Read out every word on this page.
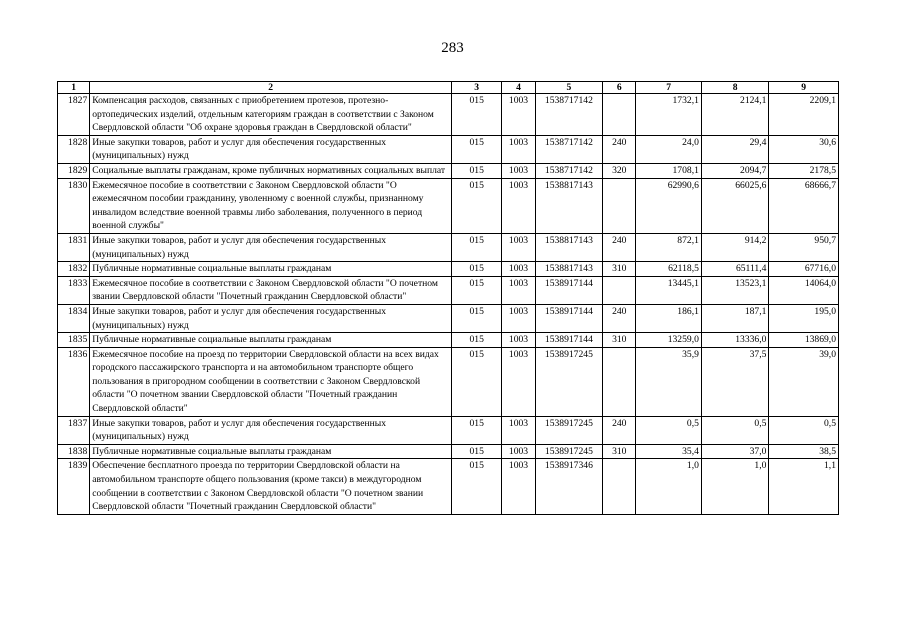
283
1	2	3	4	5	6	7	8	9
1827	Компенсация расходов, связанных с приобретением протезов, протезно-ортопедических изделий, отдельным категориям граждан в соответствии с Законом Свердловской области "Об охране здоровья граждан в Свердловской области"	015	1003	1538717142		1732,1	2124,1	2209,1
1828	Иные закупки товаров, работ и услуг для обеспечения государственных (муниципальных) нужд	015	1003	1538717142	240	24,0	29,4	30,6
1829	Социальные выплаты гражданам, кроме публичных нормативных социальных выплат	015	1003	1538717142	320	1708,1	2094,7	2178,5
1830	Ежемесячное пособие в соответствии с Законом Свердловской области "О ежемесячном пособии гражданину, уволенному с военной службы, признанному инвалидом вследствие военной травмы либо заболевания, полученного в период военной службы"	015	1003	1538817143		62990,6	66025,6	68666,7
1831	Иные закупки товаров, работ и услуг для обеспечения государственных (муниципальных) нужд	015	1003	1538817143	240	872,1	914,2	950,7
1832	Публичные нормативные социальные выплаты гражданам	015	1003	1538817143	310	62118,5	65111,4	67716,0
1833	Ежемесячное пособие в соответствии с Законом Свердловской области "О почетном звании Свердловской области "Почетный гражданин Свердловской области"	015	1003	1538917144		13445,1	13523,1	14064,0
1834	Иные закупки товаров, работ и услуг для обеспечения государственных (муниципальных) нужд	015	1003	1538917144	240	186,1	187,1	195,0
1835	Публичные нормативные социальные выплаты гражданам	015	1003	1538917144	310	13259,0	13336,0	13869,0
1836	Ежемесячное пособие на проезд по территории Свердловской области на всех видах городского пассажирского транспорта и на автомобильном транспорте общего пользования в пригородном сообщении в соответствии с Законом Свердловской области "О почетном звании Свердловской области "Почетный гражданин Свердловской области"	015	1003	1538917245		35,9	37,5	39,0
1837	Иные закупки товаров, работ и услуг для обеспечения государственных (муниципальных) нужд	015	1003	1538917245	240	0,5	0,5	0,5
1838	Публичные нормативные социальные выплаты гражданам	015	1003	1538917245	310	35,4	37,0	38,5
1839	Обеспечение бесплатного проезда по территории Свердловской области на автомобильном транспорте общего пользования (кроме такси) в междугородном сообщении в соответствии с Законом Свердловской области "О почетном звании Свердловской области "Почетный гражданин Свердловской области"	015	1003	1538917346		1,0	1,0	1,1
